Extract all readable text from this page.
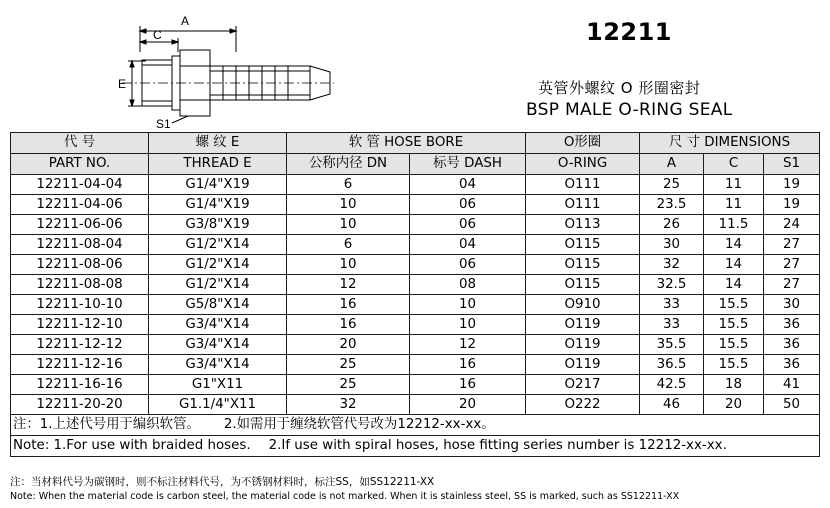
A
C
E
S1
12211
英管外螺纹 O 形圈密封
BSP MALE O-RING SEAL
代 号	螺 纹 E	软 管 HOSE BORE		O形圈	尺 寸 DIMENSIONS		
PART NO.	THREAD E	公称内径 DN	标号 DASH	O-RING	A	C	S1
12211-04-04	G1/4"X19	6	04	O111	25	11	19
12211-04-06	G1/4"X19	10	06	O111	23.5	11	19
12211-06-06	G3/8"X19	10	06	O113	26	11.5	24
12211-08-04	G1/2"X14	6	04	O115	30	14	27
12211-08-06	G1/2"X14	10	06	O115	32	14	27
12211-08-08	G1/2"X14	12	08	O115	32.5	14	27
12211-10-10	G5/8"X14	16	10	O910	33	15.5	30
12211-12-10	G3/4"X14	16	10	O119	33	15.5	36
12211-12-12	G3/4"X14	20	12	O119	35.5	15.5	36
12211-12-16	G3/4"X14	25	16	O119	36.5	15.5	36
12211-16-16	G1"X11	25	16	O217	42.5	18	41
12211-20-20	G1.1/4"X11	32	20	O222	46	20	50
注：1.上述代号用于编织软管。 2.如需用于缠绕软管代号改为12212-xx-xx。							
Note: 1.For use with braided hoses. 2.If use with spiral hoses, hose fitting series number is 12212-xx-xx.							
注：当材料代号为碳钢时，则不标注材料代号，为不锈钢材料时，标注SS，如SS12211-XX
Note: When the material code is carbon steel, the material code is not marked. When it is stainless steel, SS is marked, such as SS12211-XX
